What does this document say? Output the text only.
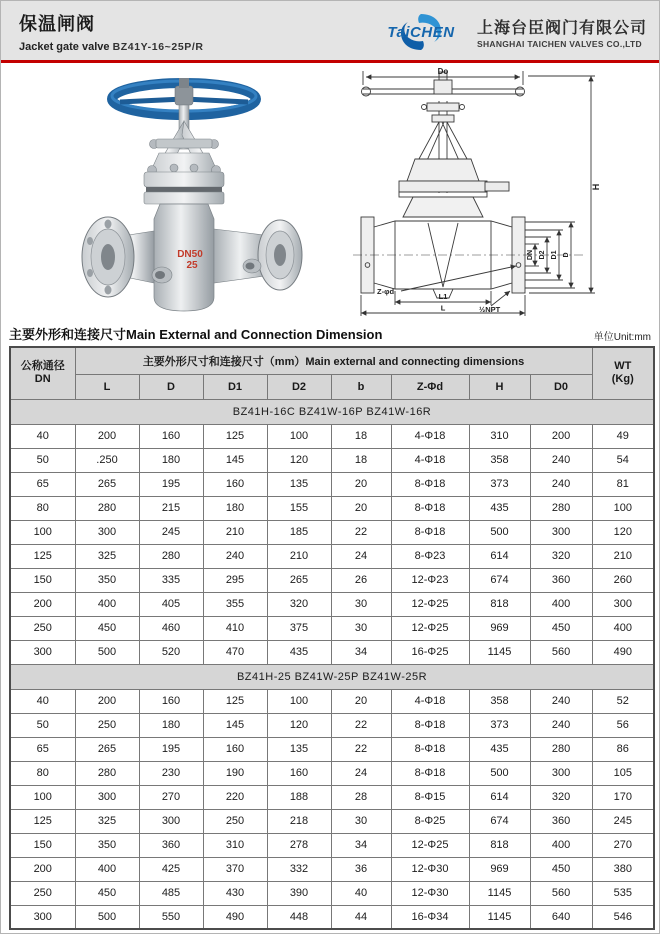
保温闸阀
Jacket gate valve BZ41Y-16~25P/R
TaiCHEN	上海台臣阀门有限公司
SHANGHAI TAICHEN VALVES CO.,LTD
DN50
25
Do
H
DN D2 D1 D
Z-φd
½NPT
L1
L
主要外形和连接尺寸Main External and Connection Dimension	单位Unit:mm
公称通径
DN	主要外形尺寸和连接尺寸（mm）Main external and connecting dimensions								WT
(Kg)
	L	D	D1	D2	b	Z-Φd	H	D0	
BZ41H-16C BZ41W-16P BZ41W-16R									
40	200	160	125	100	18	4-Φ18	310	200	49
50	.250	180	145	120	18	4-Φ18	358	240	54
65	265	195	160	135	20	8-Φ18	373	240	81
80	280	215	180	155	20	8-Φ18	435	280	100
100	300	245	210	185	22	8-Φ18	500	300	120
125	325	280	240	210	24	8-Φ23	614	320	210
150	350	335	295	265	26	12-Φ23	674	360	260
200	400	405	355	320	30	12-Φ25	818	400	300
250	450	460	410	375	30	12-Φ25	969	450	400
300	500	520	470	435	34	16-Φ25	1145	560	490
BZ41H-25 BZ41W-25P BZ41W-25R									
40	200	160	125	100	20	4-Φ18	358	240	52
50	250	180	145	120	22	8-Φ18	373	240	56
65	265	195	160	135	22	8-Φ18	435	280	86
80	280	230	190	160	24	8-Φ18	500	300	105
100	300	270	220	188	28	8-Φ15	614	320	170
125	325	300	250	218	30	8-Φ25	674	360	245
150	350	360	310	278	34	12-Φ25	818	400	270
200	400	425	370	332	36	12-Φ30	969	450	380
250	450	485	430	390	40	12-Φ30	1145	560	535
300	500	550	490	448	44	16-Φ34	1145	640	546
